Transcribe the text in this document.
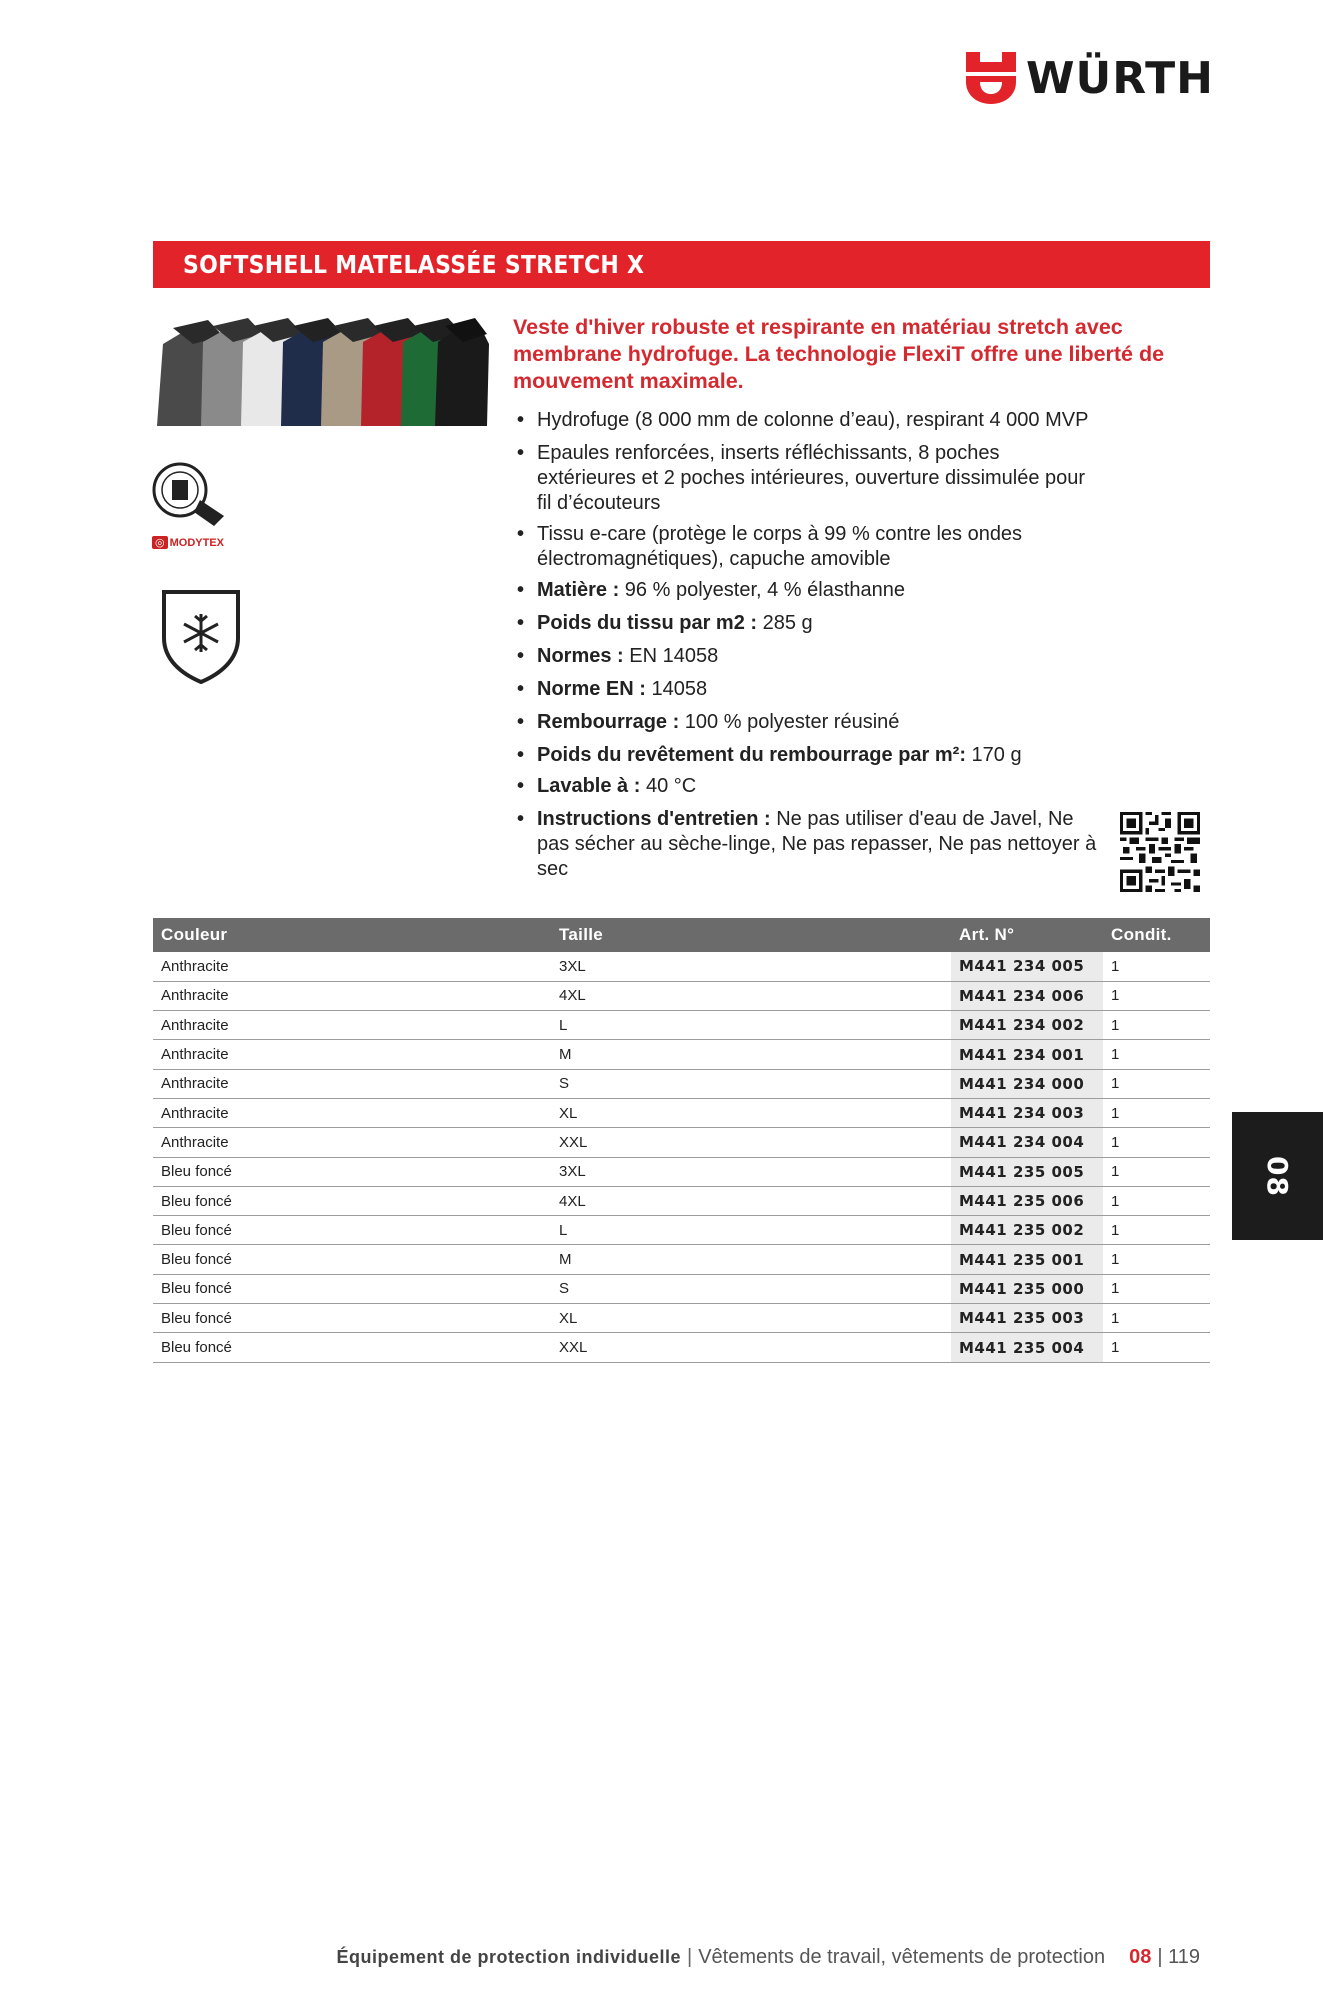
WÜRTH
SOFTSHELL MATELASSÉE STRETCH X
◎ MODYTEX
Veste d'hiver robuste et respirante en matériau stretch avec membrane hydrofuge. La technologie FlexiT offre une liberté de mouvement maximale.
• Hydrofuge (8 000 mm de colonne d’eau), respirant 4 000 MVP
• Epaules renforcées, inserts réfléchissants, 8 poches extérieures et 2 poches intérieures, ouverture dissimulée pour fil d’écouteurs
• Tissu e-care (protège le corps à 99 % contre les ondes électromagnétiques), capuche amovible
• Matière : 96 % polyester, 4 % élasthanne
• Poids du tissu par m2 : 285 g
• Normes : EN 14058
• Norme EN : 14058
• Rembourrage : 100 % polyester réusiné
• Poids du revêtement du rembourrage par m²: 170 g
• Lavable à : 40 °C
• Instructions d'entretien : Ne pas utiliser d'eau de Javel, Ne pas sécher au sèche-linge, Ne pas repasser, Ne pas nettoyer à sec
Couleur	Taille	Art. N°	Condit.
Anthracite	3XL	M441 234 005	1
Anthracite	4XL	M441 234 006	1
Anthracite	L	M441 234 002	1
Anthracite	M	M441 234 001	1
Anthracite	S	M441 234 000	1
Anthracite	XL	M441 234 003	1
Anthracite	XXL	M441 234 004	1
Bleu foncé	3XL	M441 235 005	1
Bleu foncé	4XL	M441 235 006	1
Bleu foncé	L	M441 235 002	1
Bleu foncé	M	M441 235 001	1
Bleu foncé	S	M441 235 000	1
Bleu foncé	XL	M441 235 003	1
Bleu foncé	XXL	M441 235 004	1
08
Équipement de protection individuelle | Vêtements de travail, vêtements de protection 08 | 119
